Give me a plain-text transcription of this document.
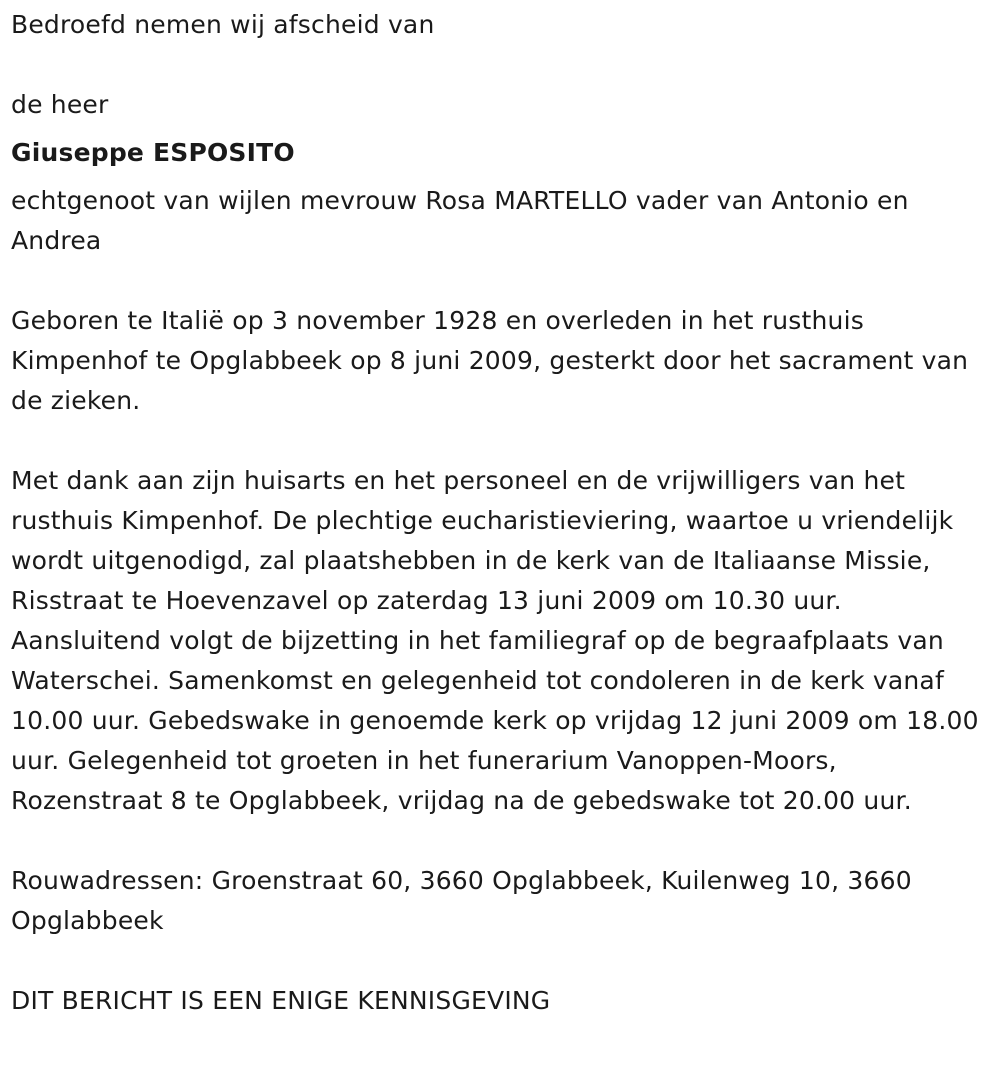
Bedroefd nemen wij afscheid van

de heer

Giuseppe ESPOSITO

echtgenoot van wijlen mevrouw Rosa MARTELLO vader van Antonio en Andrea

Geboren te Italië op 3 november 1928 en overleden in het rusthuis Kimpenhof te Opglabbeek op 8 juni 2009, gesterkt door het sacrament van de zieken.

Met dank aan zijn huisarts en het personeel en de vrijwilligers van het rusthuis Kimpenhof. De plechtige eucharistieviering, waartoe u vriendelijk wordt uitgenodigd, zal plaatshebben in de kerk van de Italiaanse Missie, Risstraat te Hoevenzavel op zaterdag 13 juni 2009 om 10.30 uur. Aansluitend volgt de bijzetting in het familiegraf op de begraafplaats van Waterschei. Samenkomst en gelegenheid tot condoleren in de kerk vanaf 10.00 uur. Gebedswake in genoemde kerk op vrijdag 12 juni 2009 om 18.00 uur. Gelegenheid tot groeten in het funerarium Vanoppen-Moors, Rozenstraat 8 te Opglabbeek, vrijdag na de gebedswake tot 20.00 uur.

Rouwadressen: Groenstraat 60, 3660 Opglabbeek, Kuilenweg 10, 3660 Opglabbeek

DIT BERICHT IS EEN ENIGE KENNISGEVING
